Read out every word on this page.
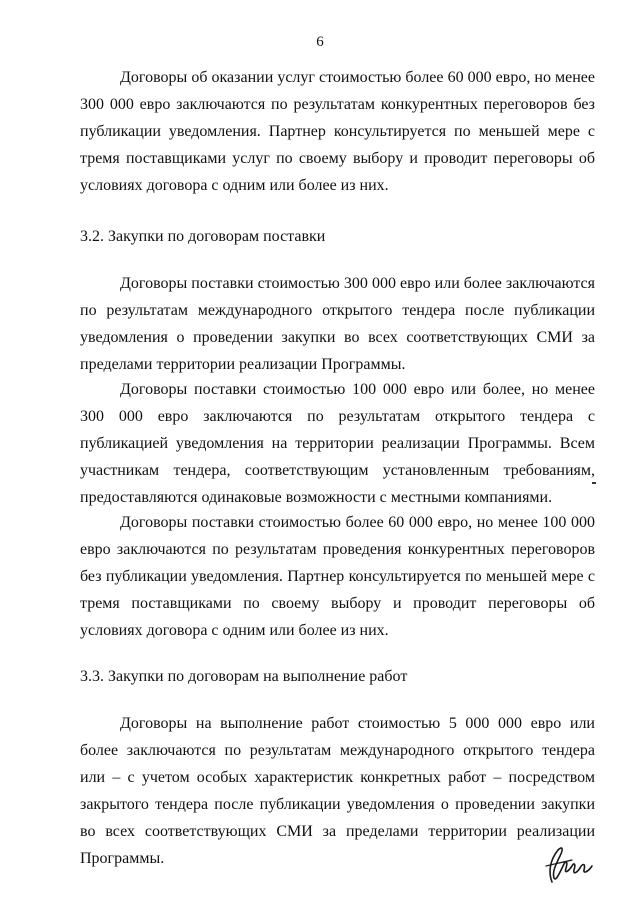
6

Договоры об оказании услуг стоимостью более 60 000 евро, но менее 300 000 евро заключаются по результатам конкурентных переговоров без публикации уведомления. Партнер консультируется по меньшей мере с тремя поставщиками услуг по своему выбору и проводит переговоры об условиях договора с одним или более из них.

3.2. Закупки по договорам поставки

Договоры поставки стоимостью 300 000 евро или более заключаются по результатам международного открытого тендера после публикации уведомления о проведении закупки во всех соответствующих СМИ за пределами территории реализации Программы.

Договоры поставки стоимостью 100 000 евро или более, но менее 300 000 евро заключаются по результатам открытого тендера с публикацией уведомления на территории реализации Программы. Всем участникам тендера, соответствующим установленным требованиям, предоставляются одинаковые возможности с местными компаниями.

Договоры поставки стоимостью более 60 000 евро, но менее 100 000 евро заключаются по результатам проведения конкурентных переговоров без публикации уведомления. Партнер консультируется по меньшей мере с тремя поставщиками по своему выбору и проводит переговоры об условиях договора с одним или более из них.

3.3. Закупки по договорам на выполнение работ

Договоры на выполнение работ стоимостью 5 000 000 евро или более заключаются по результатам международного открытого тендера или – с учетом особых характеристик конкретных работ – посредством закрытого тендера после публикации уведомления о проведении закупки во всех соответствующих СМИ за пределами территории реализации Программы.
